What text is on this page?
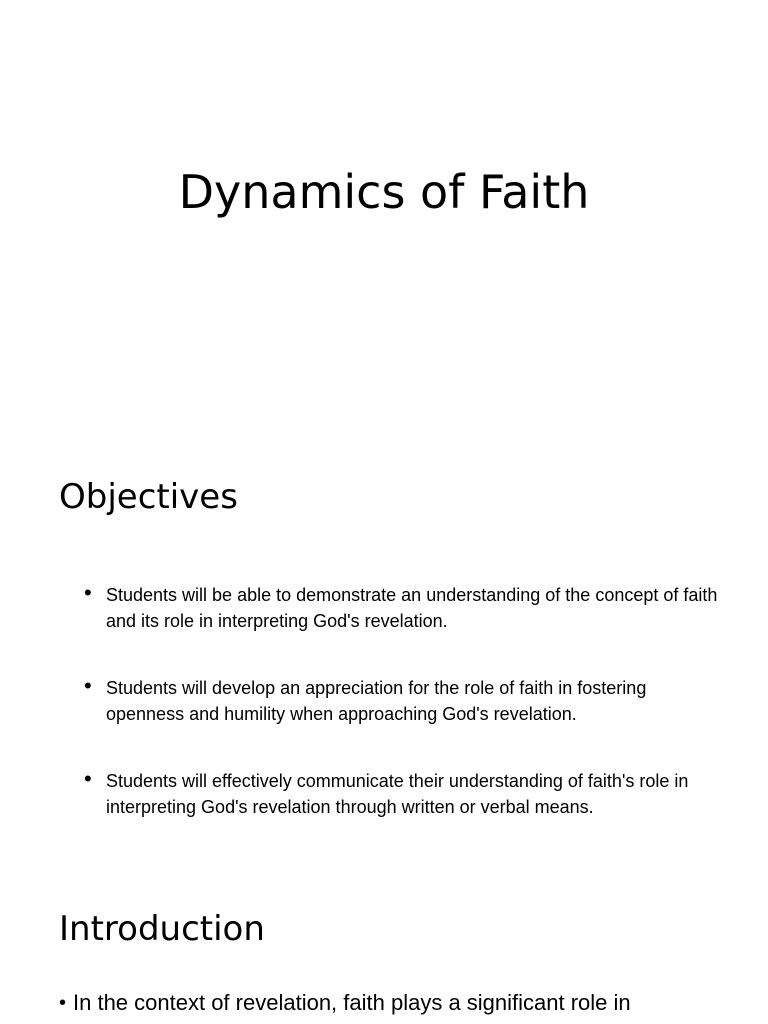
Dynamics of Faith
Objectives
• Students will be able to demonstrate an understanding of the concept of faith and its role in interpreting God's revelation.
• Students will develop an appreciation for the role of faith in fostering openness and humility when approaching God's revelation.
• Students will effectively communicate their understanding of faith's role in interpreting God's revelation through written or verbal means.
Introduction
• In the context of revelation, faith plays a significant role in
